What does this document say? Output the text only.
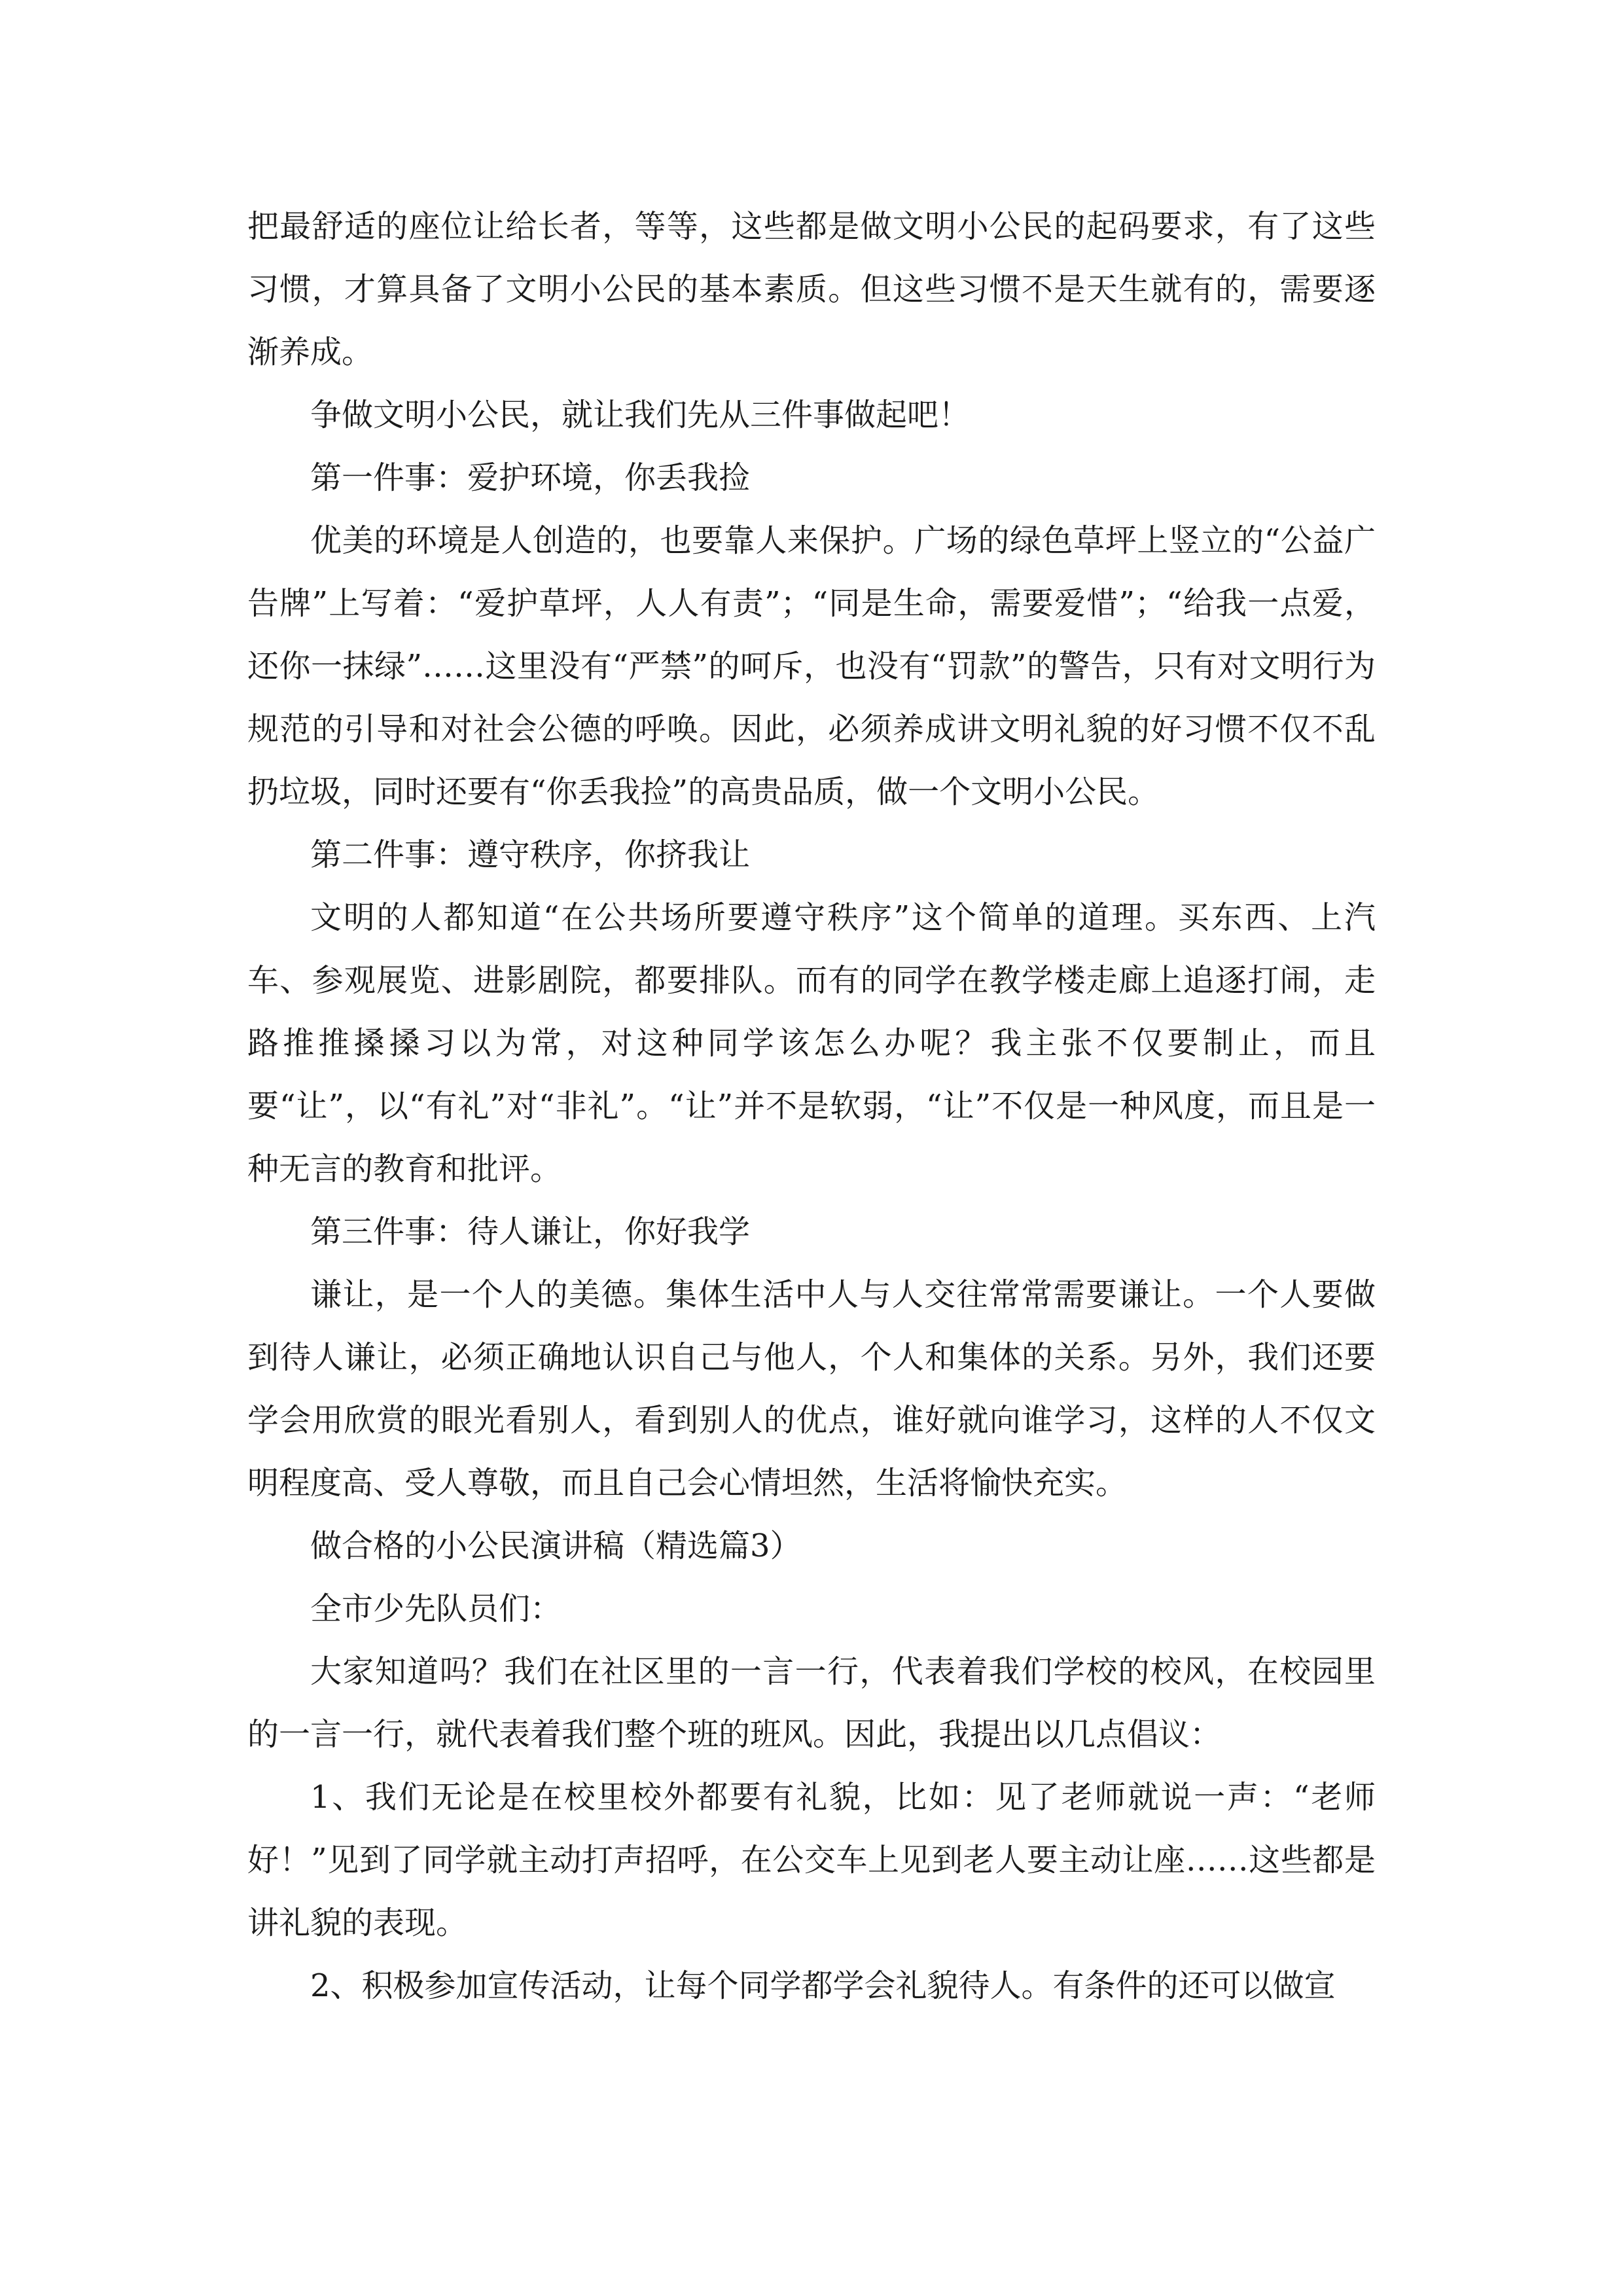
把最舒适的座位让给长者，等等，这些都是做文明小公民的起码要求，有了这些习惯，才算具备了文明小公民的基本素质。但这些习惯不是天生就有的，需要逐渐养成。

争做文明小公民，就让我们先从三件事做起吧！

第一件事：爱护环境，你丢我捡

优美的环境是人创造的，也要靠人来保护。广场的绿色草坪上竖立的“公益广告牌”上写着：“爱护草坪，人人有责”；“同是生命，需要爱惜”；“给我一点爱，还你一抹绿”……这里没有“严禁”的呵斥，也没有“罚款”的警告，只有对文明行为规范的引导和对社会公德的呼唤。因此，必须养成讲文明礼貌的好习惯不仅不乱扔垃圾，同时还要有“你丢我捡”的高贵品质，做一个文明小公民。

第二件事：遵守秩序，你挤我让

文明的人都知道“在公共场所要遵守秩序”这个简单的道理。买东西、上汽车、参观展览、进影剧院，都要排队。而有的同学在教学楼走廊上追逐打闹，走路推推搡搡习以为常，对这种同学该怎么办呢？我主张不仅要制止，而且要“让”，以“有礼”对“非礼”。“让”并不是软弱，“让”不仅是一种风度，而且是一种无言的教育和批评。

第三件事：待人谦让，你好我学

谦让，是一个人的美德。集体生活中人与人交往常常需要谦让。一个人要做到待人谦让，必须正确地认识自己与他人，个人和集体的关系。另外，我们还要学会用欣赏的眼光看别人，看到别人的优点，谁好就向谁学习，这样的人不仅文明程度高、受人尊敬，而且自己会心情坦然，生活将愉快充实。

做合格的小公民演讲稿（精选篇3）

全市少先队员们：

大家知道吗？我们在社区里的一言一行，代表着我们学校的校风，在校园里的一言一行，就代表着我们整个班的班风。因此，我提出以几点倡议：

1、我们无论是在校里校外都要有礼貌，比如：见了老师就说一声：“老师好！”见到了同学就主动打声招呼，在公交车上见到老人要主动让座……这些都是讲礼貌的表现。

2、积极参加宣传活动，让每个同学都学会礼貌待人。有条件的还可以做宣
